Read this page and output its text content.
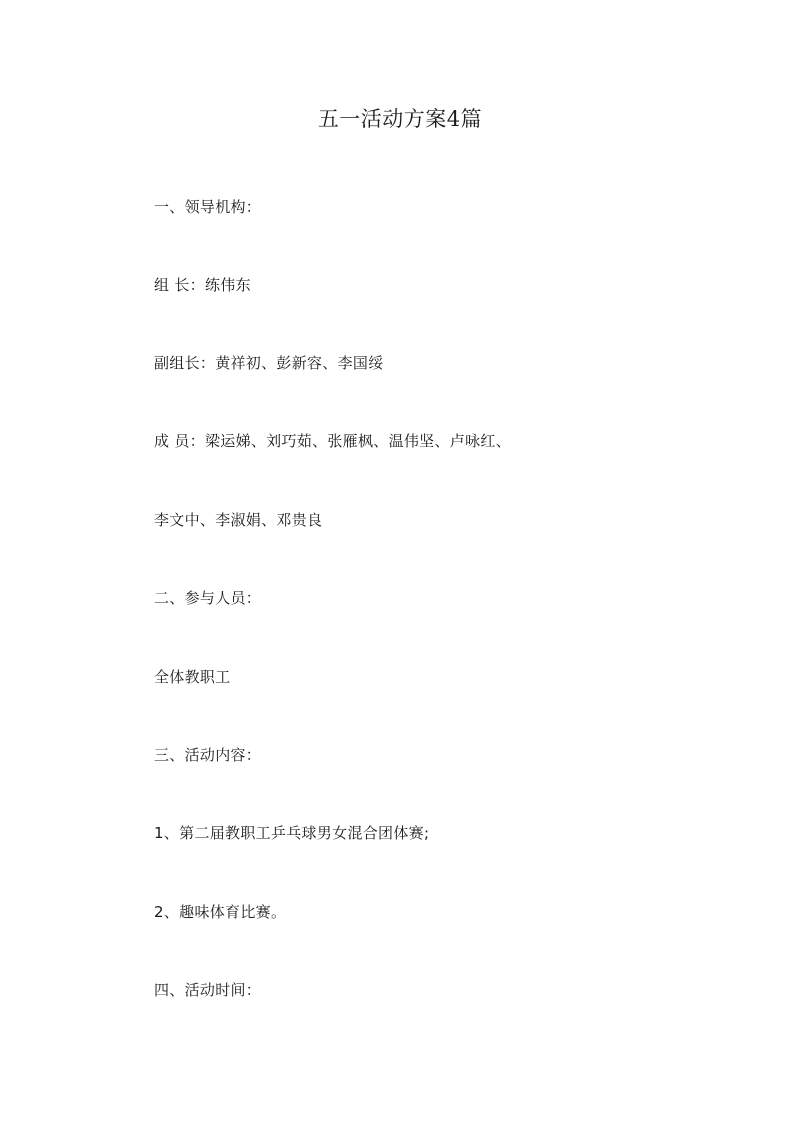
五一活动方案4篇
一、领导机构：
组 长：练伟东
副组长：黄祥初、彭新容、李国绥
成 员：梁运娣、刘巧茹、张雁枫、温伟坚、卢咏红、
李文中、李淑娟、邓贵良
二、参与人员：
全体教职工
三、活动内容：
1、第二届教职工乒乓球男女混合团体赛;
2、趣味体育比赛。
四、活动时间：
